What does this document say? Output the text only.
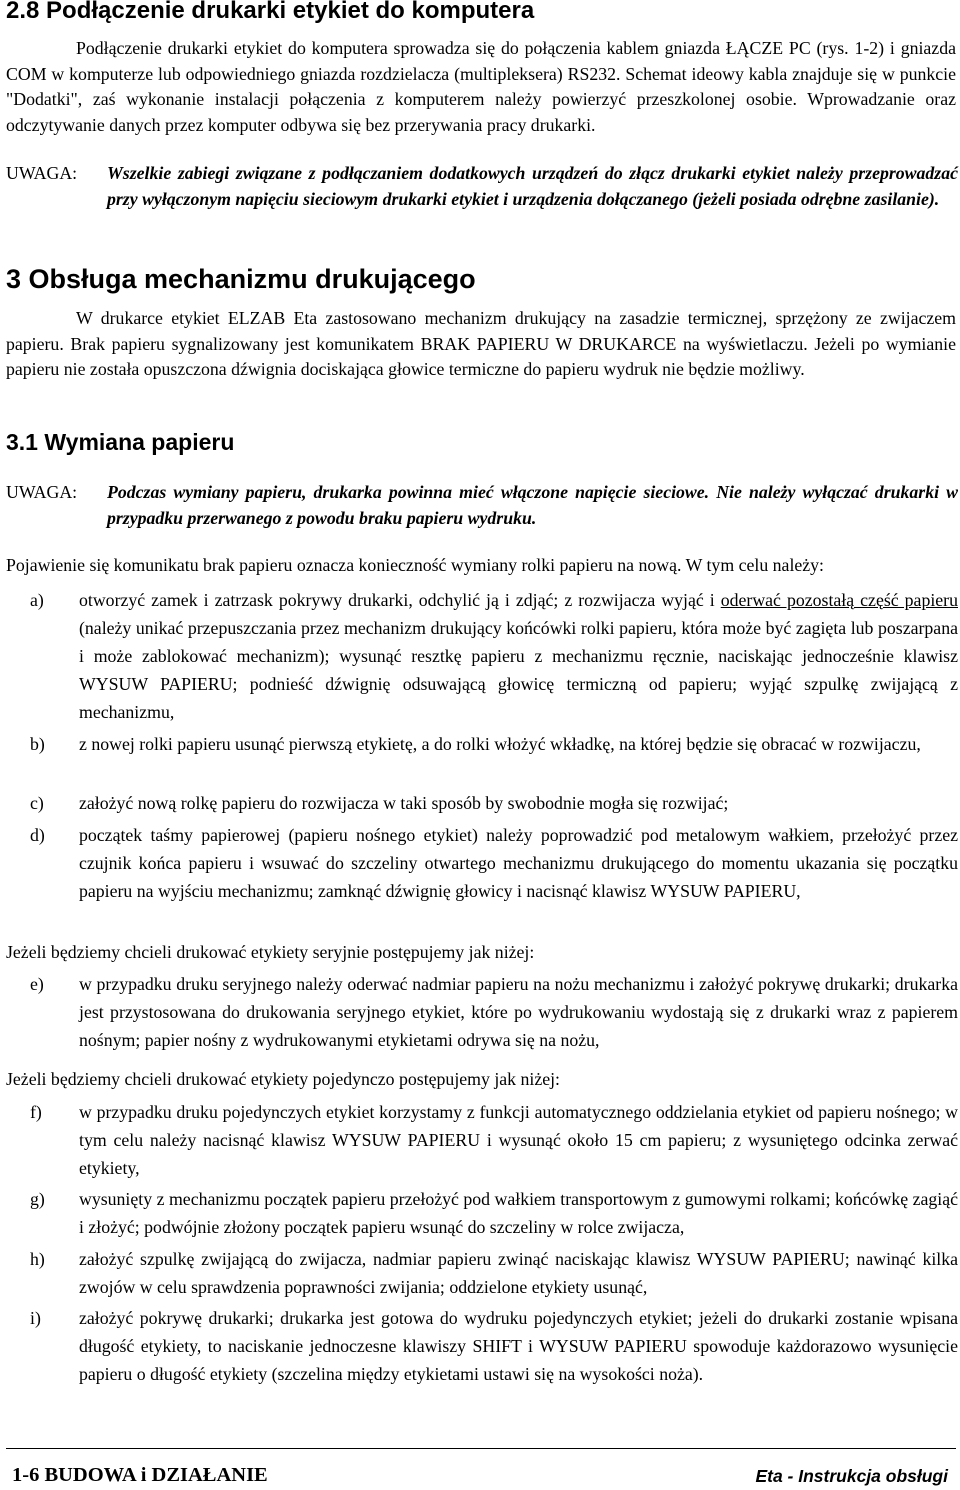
2.8 Podłączenie drukarki etykiet do komputera

Podłączenie drukarki etykiet do komputera sprowadza się do połączenia kablem gniazda ŁĄCZE PC (rys. 1-2) i gniazda COM w komputerze lub odpowiedniego gniazda rozdzielacza (multipleksera) RS232. Schemat ideowy kabla znajduje się w punkcie "Dodatki", zaś wykonanie instalacji połączenia z komputerem należy powierzyć przeszkolonej osobie. Wprowadzanie oraz odczytywanie danych przez komputer odbywa się bez przerywania pracy drukarki.

UWAGA: Wszelkie zabiegi związane z podłączaniem dodatkowych urządzeń do złącz drukarki etykiet należy przeprowadzać przy wyłączonym napięciu sieciowym drukarki etykiet i urządzenia dołączanego (jeżeli posiada odrębne zasilanie).
3 Obsługa mechanizmu drukującego

W drukarce etykiet ELZAB Eta zastosowano mechanizm drukujący na zasadzie termicznej, sprzężony ze zwijaczem papieru. Brak papieru sygnalizowany jest komunikatem BRAK PAPIERU W DRUKARCE na wyświetlaczu. Jeżeli po wymianie papieru nie została opuszczona dźwignia dociskająca głowice termiczne do papieru wydruk nie będzie możliwy.

3.1 Wymiana papieru
UWAGA: Podczas wymiany papieru, drukarka powinna mieć włączone napięcie sieciowe. Nie należy wyłączać drukarki w przypadku przerwanego z powodu braku papieru wydruku.

Pojawienie się komunikatu brak papieru oznacza konieczność wymiany rolki papieru na nową. W tym celu należy:

a) otworzyć zamek i zatrzask pokrywy drukarki, odchylić ją i zdjąć; z rozwijacza wyjąć i oderwać pozostałą część papieru (należy unikać przepuszczania przez mechanizm drukujący końcówki rolki papieru, która może być zagięta lub poszarpana i może zablokować mechanizm); wysunąć resztkę papieru z mechanizmu ręcznie, naciskając jednocześnie klawisz WYSUW PAPIERU; podnieść dźwignię odsuwającą głowicę termiczną od papieru; wyjąć szpulkę zwijającą z mechanizmu,
b) z nowej rolki papieru usunąć pierwszą etykietę, a do rolki włożyć wkładkę, na której będzie się obracać w rozwijaczu,
c) założyć nową rolkę papieru do rozwijacza w taki sposób by swobodnie mogła się rozwijać;
d) początek taśmy papierowej (papieru nośnego etykiet) należy poprowadzić pod metalowym wałkiem, przełożyć przez czujnik końca papieru i wsuwać do szczeliny otwartego mechanizmu drukującego do momentu ukazania się początku papieru na wyjściu mechanizmu; zamknąć dźwignię głowicy i nacisnąć klawisz WYSUW PAPIERU,

Jeżeli będziemy chcieli drukować etykiety seryjnie postępujemy jak niżej:

e) w przypadku druku seryjnego należy oderwać nadmiar papieru na nożu mechanizmu i założyć pokrywę drukarki; drukarka jest przystosowana do drukowania seryjnego etykiet, które po wydrukowaniu wydostają się z drukarki wraz z papierem nośnym; papier nośny z wydrukowanymi etykietami odrywa się na nożu,

Jeżeli będziemy chcieli drukować etykiety pojedynczo postępujemy jak niżej:

f) w przypadku druku pojedynczych etykiet korzystamy z funkcji automatycznego oddzielania etykiet od papieru nośnego; w tym celu należy nacisnąć klawisz WYSUW PAPIERU i wysunąć około 15 cm papieru; z wysuniętego odcinka zerwać etykiety,
g) wysunięty z mechanizmu początek papieru przełożyć pod wałkiem transportowym z gumowymi rolkami; końcówkę zagiąć i złożyć; podwójnie złożony początek papieru wsunąć do szczeliny w rolce zwijacza,
h) założyć szpulkę zwijającą do zwijacza, nadmiar papieru zwinąć naciskając klawisz WYSUW PAPIERU; nawinąć kilka zwojów w celu sprawdzenia poprawności zwijania; oddzielone etykiety usunąć,
i) założyć pokrywę drukarki; drukarka jest gotowa do wydruku pojedynczych etykiet; jeżeli do drukarki zostanie wpisana długość etykiety, to naciskanie jednoczesne klawiszy SHIFT i WYSUW PAPIERU spowoduje każdorazowo wysunięcie papieru o długość etykiety (szczelina między etykietami ustawi się na wysokości noża).
1-6 BUDOWA i DZIAŁANIE	Eta - Instrukcja obsługi
